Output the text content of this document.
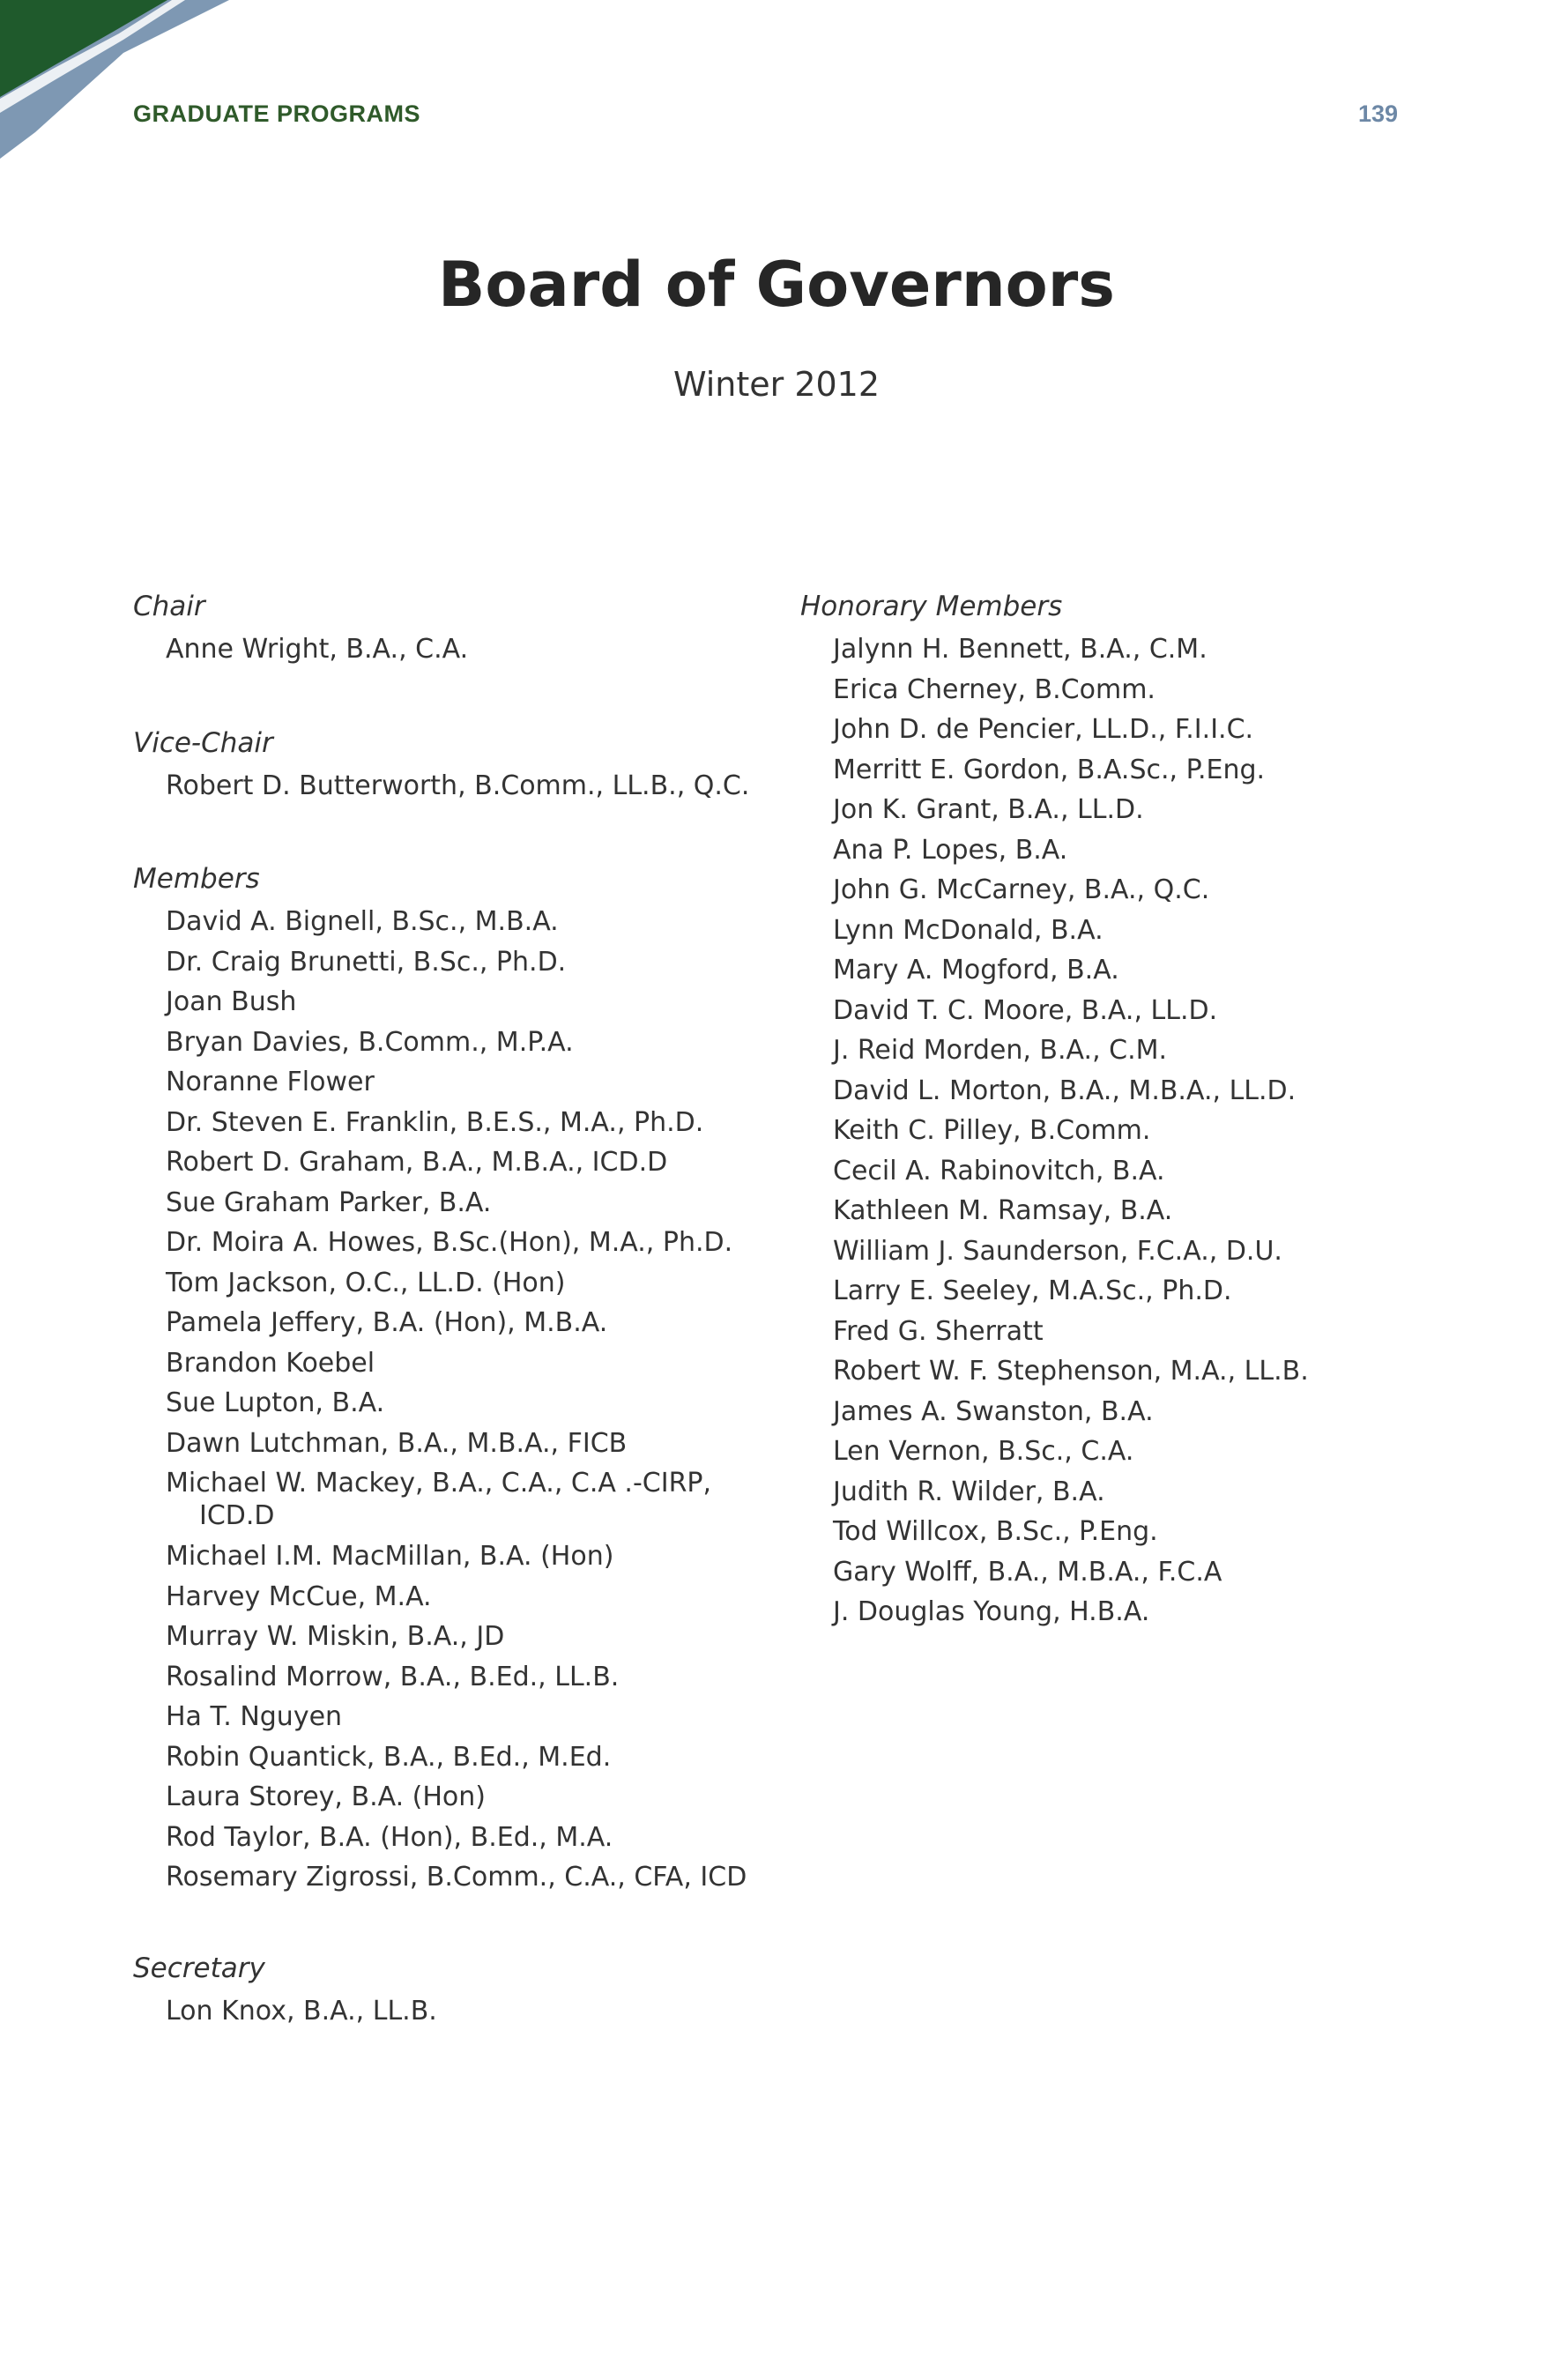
GRADUATE PROGRAMS	139
Board of Governors
Winter 2012
Chair
Anne Wright, B.A., C.A.
Vice-Chair
Robert D. Butterworth, B.Comm., LL.B., Q.C.
Members
David A. Bignell, B.Sc., M.B.A.
Dr. Craig Brunetti, B.Sc., Ph.D.
Joan Bush
Bryan Davies, B.Comm., M.P.A.
Noranne Flower
Dr. Steven E. Franklin, B.E.S., M.A., Ph.D.
Robert D. Graham, B.A., M.B.A., ICD.D
Sue Graham Parker, B.A.
Dr. Moira A. Howes, B.Sc.(Hon), M.A., Ph.D.
Tom Jackson, O.C., LL.D. (Hon)
Pamela Jeffery, B.A. (Hon), M.B.A.
Brandon Koebel
Sue Lupton, B.A.
Dawn Lutchman, B.A., M.B.A., FICB
Michael W. Mackey, B.A., C.A., C.A .-CIRP, ICD.D
Michael I.M. MacMillan, B.A. (Hon)
Harvey McCue, M.A.
Murray W. Miskin, B.A., JD
Rosalind Morrow, B.A., B.Ed., LL.B.
Ha T. Nguyen
Robin Quantick, B.A., B.Ed., M.Ed.
Laura Storey, B.A. (Hon)
Rod Taylor, B.A. (Hon), B.Ed., M.A.
Rosemary Zigrossi, B.Comm., C.A., CFA, ICD
Secretary
Lon Knox, B.A., LL.B.
Honorary Members
Jalynn H. Bennett, B.A., C.M.
Erica Cherney, B.Comm.
John D. de Pencier, LL.D., F.I.I.C.
Merritt E. Gordon, B.A.Sc., P.Eng.
Jon K. Grant, B.A., LL.D.
Ana P. Lopes, B.A.
John G. McCarney, B.A., Q.C.
Lynn McDonald, B.A.
Mary A. Mogford, B.A.
David T. C. Moore, B.A., LL.D.
J. Reid Morden, B.A., C.M.
David L. Morton, B.A., M.B.A., LL.D.
Keith C. Pilley, B.Comm.
Cecil A. Rabinovitch, B.A.
Kathleen M. Ramsay, B.A.
William J. Saunderson, F.C.A., D.U.
Larry E. Seeley, M.A.Sc., Ph.D.
Fred G. Sherratt
Robert W. F. Stephenson, M.A., LL.B.
James A. Swanston, B.A.
Len Vernon, B.Sc., C.A.
Judith R. Wilder, B.A.
Tod Willcox, B.Sc., P.Eng.
Gary Wolff, B.A., M.B.A., F.C.A
J. Douglas Young, H.B.A.
